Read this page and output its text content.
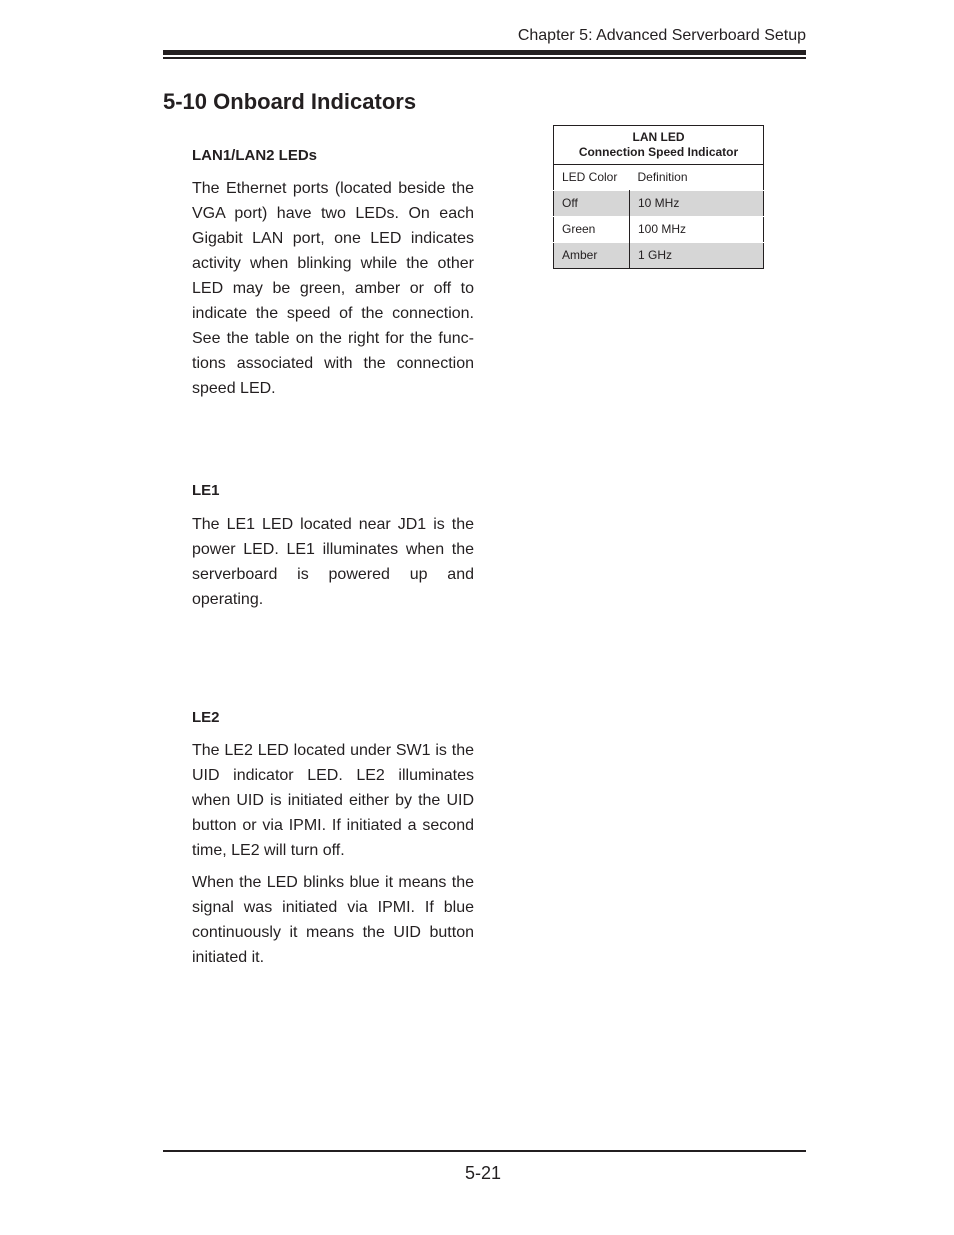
Chapter 5: Advanced Serverboard Setup
5-10 Onboard Indicators
LAN1/LAN2 LEDs

The Ethernet ports (located beside the VGA port) have two LEDs. On each Gigabit LAN port, one LED indicates activity when blinking while the other LED may be green, amber or off to indicate the speed of the connection. See the table on the right for the functions associated with the connection speed LED.

LAN LED
Connection Speed Indicator	
LED Color	Definition
Off	10 MHz
Green	100 MHz
Amber	1 GHz
LE1

The LE1 LED located near JD1 is the power LED. LE1 illuminates when the serverboard is powered up and operating.

LE2

The LE2 LED located under SW1 is the UID indicator LED. LE2 illuminates when UID is initiated either by the UID button or via IPMI. If initiated a second time, LE2 will turn off.

When the LED blinks blue it means the signal was initiated via IPMI. If blue continuously it means the UID button initiated it.

5-21
